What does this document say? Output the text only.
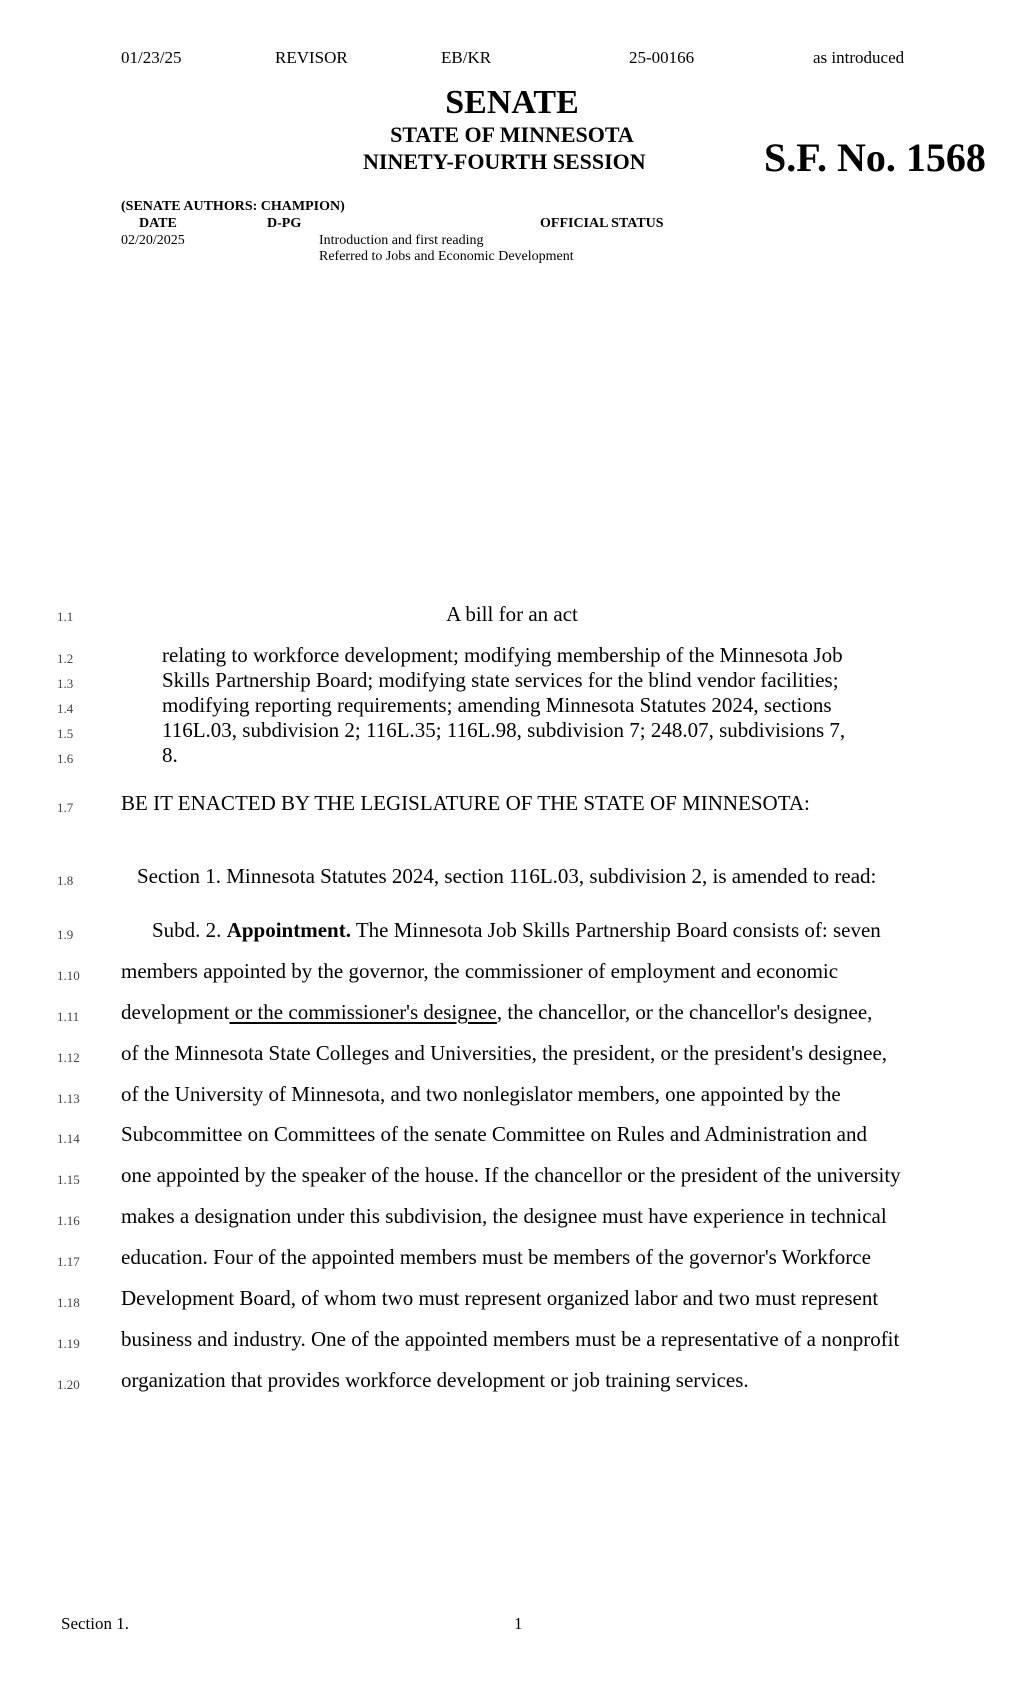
01/23/25	REVISOR	EB/KR	25-00166	as introduced
SENATE
STATE OF MINNESOTA
NINETY-FOURTH SESSION	S.F. No. 1568
(SENATE AUTHORS: CHAMPION)
DATE	D-PG	OFFICIAL STATUS
02/20/2025	Introduction and first reading
Referred to Jobs and Economic Development
1.1	A bill for an act
1.2	relating to workforce development; modifying membership of the Minnesota Job
1.3	Skills Partnership Board; modifying state services for the blind vendor facilities;
1.4	modifying reporting requirements; amending Minnesota Statutes 2024, sections
1.5	116L.03, subdivision 2; 116L.35; 116L.98, subdivision 7; 248.07, subdivisions 7,
1.6	8.
1.7	BE IT ENACTED BY THE LEGISLATURE OF THE STATE OF MINNESOTA:
1.8	Section 1. Minnesota Statutes 2024, section 116L.03, subdivision 2, is amended to read:
1.9	Subd. 2. Appointment. The Minnesota Job Skills Partnership Board consists of: seven
1.10	members appointed by the governor, the commissioner of employment and economic
1.11	development or the commissioner's designee, the chancellor, or the chancellor's designee,
1.12	of the Minnesota State Colleges and Universities, the president, or the president's designee,
1.13	of the University of Minnesota, and two nonlegislator members, one appointed by the
1.14	Subcommittee on Committees of the senate Committee on Rules and Administration and
1.15	one appointed by the speaker of the house. If the chancellor or the president of the university
1.16	makes a designation under this subdivision, the designee must have experience in technical
1.17	education. Four of the appointed members must be members of the governor's Workforce
1.18	Development Board, of whom two must represent organized labor and two must represent
1.19	business and industry. One of the appointed members must be a representative of a nonprofit
1.20	organization that provides workforce development or job training services.
Section 1.	1
